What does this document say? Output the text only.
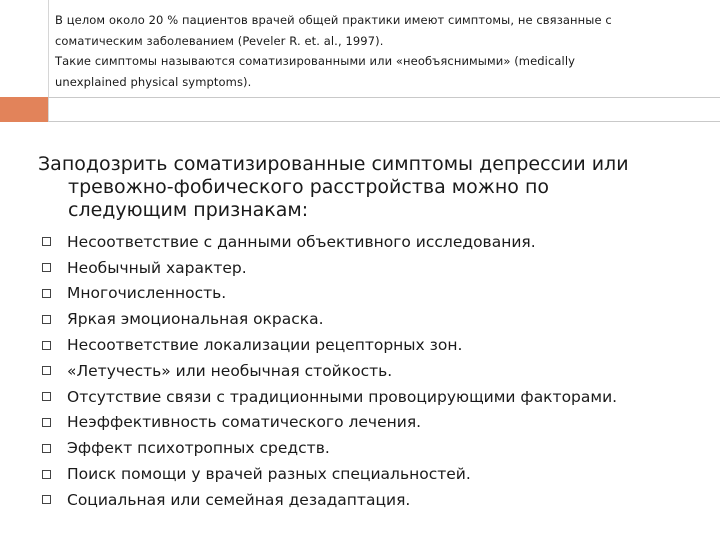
В целом около 20 % пациентов врачей общей практики имеют симптомы, не связанные с
соматическим заболеванием (Peveler R. et. al., 1997).
Такие симптомы называются соматизированными или «необъяснимыми» (medically
unexplained physical symptoms).
Заподозрить соматизированные симптомы депрессии или
тревожно-фобического расстройства можно по
следующим признакам:
Несоответствие с данными объективного исследования.
Необычный характер.
Многочисленность.
Яркая эмоциональная окраска.
Несоответствие локализации рецепторных зон.
«Летучесть» или необычная стойкость.
Отсутствие связи с традиционными провоцирующими факторами.
Неэффективность соматического лечения.
Эффект психотропных средств.
Поиск помощи у врачей разных специальностей.
Социальная или семейная дезадаптация.
